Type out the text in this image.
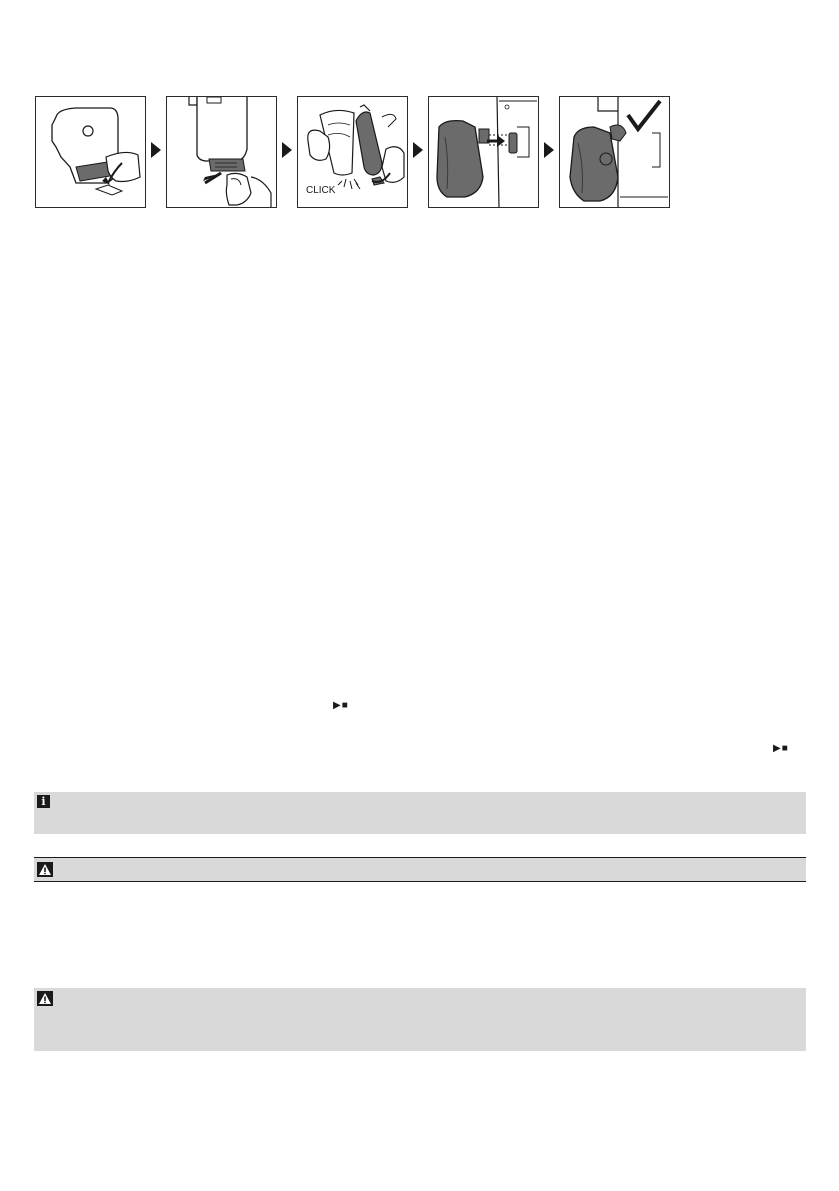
CLICK
▶■
▶■
i
